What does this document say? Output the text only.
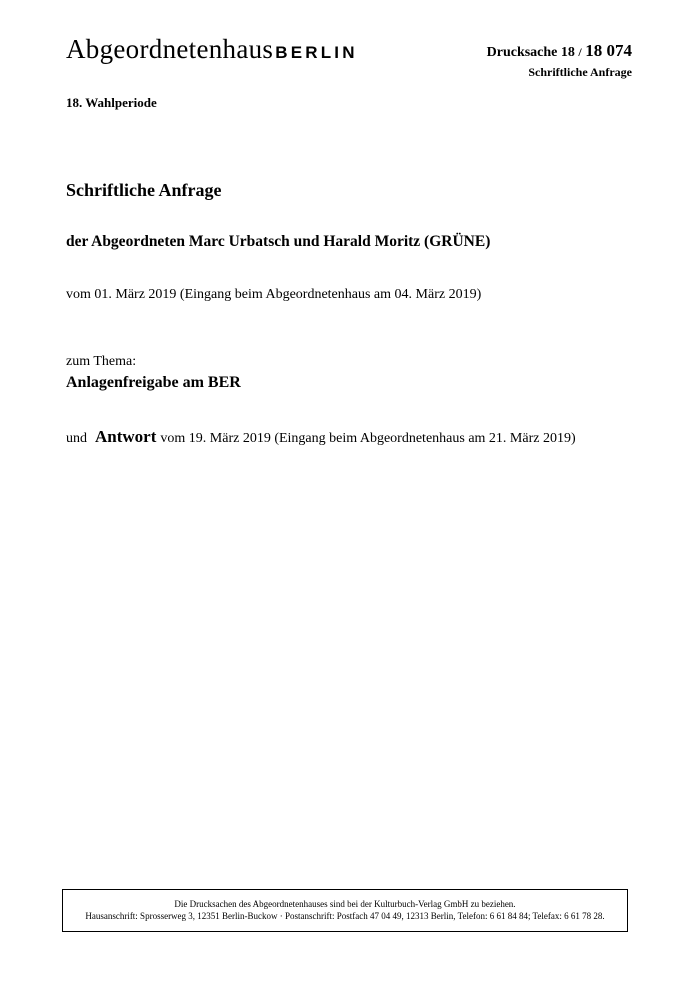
Abgeordnetenhaus BERLIN	Drucksache 18 / 18 074
Schriftliche Anfrage
18. Wahlperiode
Schriftliche Anfrage
der Abgeordneten Marc Urbatsch und Harald Moritz (GRÜNE)
vom 01. März 2019 (Eingang beim Abgeordnetenhaus am 04. März 2019)
zum Thema:
Anlagenfreigabe am BER
und Antwort vom 19. März 2019 (Eingang beim Abgeordnetenhaus am 21. März 2019)
Die Drucksachen des Abgeordnetenhauses sind bei der Kulturbuch-Verlag GmbH zu beziehen.
Hausanschrift: Sprosserweg 3, 12351 Berlin-Buckow · Postanschrift: Postfach 47 04 49, 12313 Berlin, Telefon: 6 61 84 84; Telefax: 6 61 78 28.
